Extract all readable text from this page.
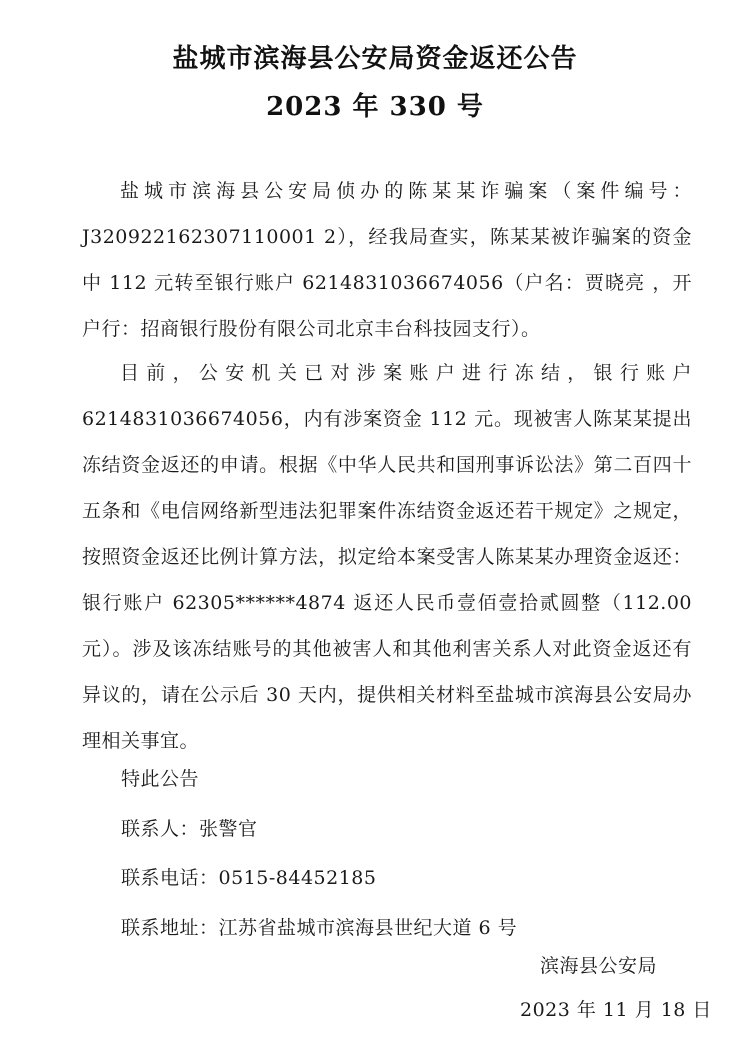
盐城市滨海县公安局资金返还公告
2023 年 330 号
盐城市滨海县公安局侦办的陈某某诈骗案（案件编号：J320922162307110001 2），经我局查实，陈某某被诈骗案的资金中 112 元转至银行账户 6214831036674056（户名：贾晓亮 ，开户行：招商银行股份有限公司北京丰台科技园支行）。
目前，公安机关已对涉案账户进行冻结，银行账户 6214831036674056，内有涉案资金 112 元。现被害人陈某某提出冻结资金返还的申请。根据《中华人民共和国刑事诉讼法》第二百四十五条和《电信网络新型违法犯罪案件冻结资金返还若干规定》之规定，按照资金返还比例计算方法，拟定给本案受害人陈某某办理资金返还：银行账户 62305******4874 返还人民币壹佰壹拾贰圆整（112.00元）。涉及该冻结账号的其他被害人和其他利害关系人对此资金返还有异议的，请在公示后 30 天内，提供相关材料至盐城市滨海县公安局办理相关事宜。
特此公告
联系人：张警官
联系电话：0515-84452185
联系地址：江苏省盐城市滨海县世纪大道 6 号
滨海县公安局
2023 年 11 月 18 日
